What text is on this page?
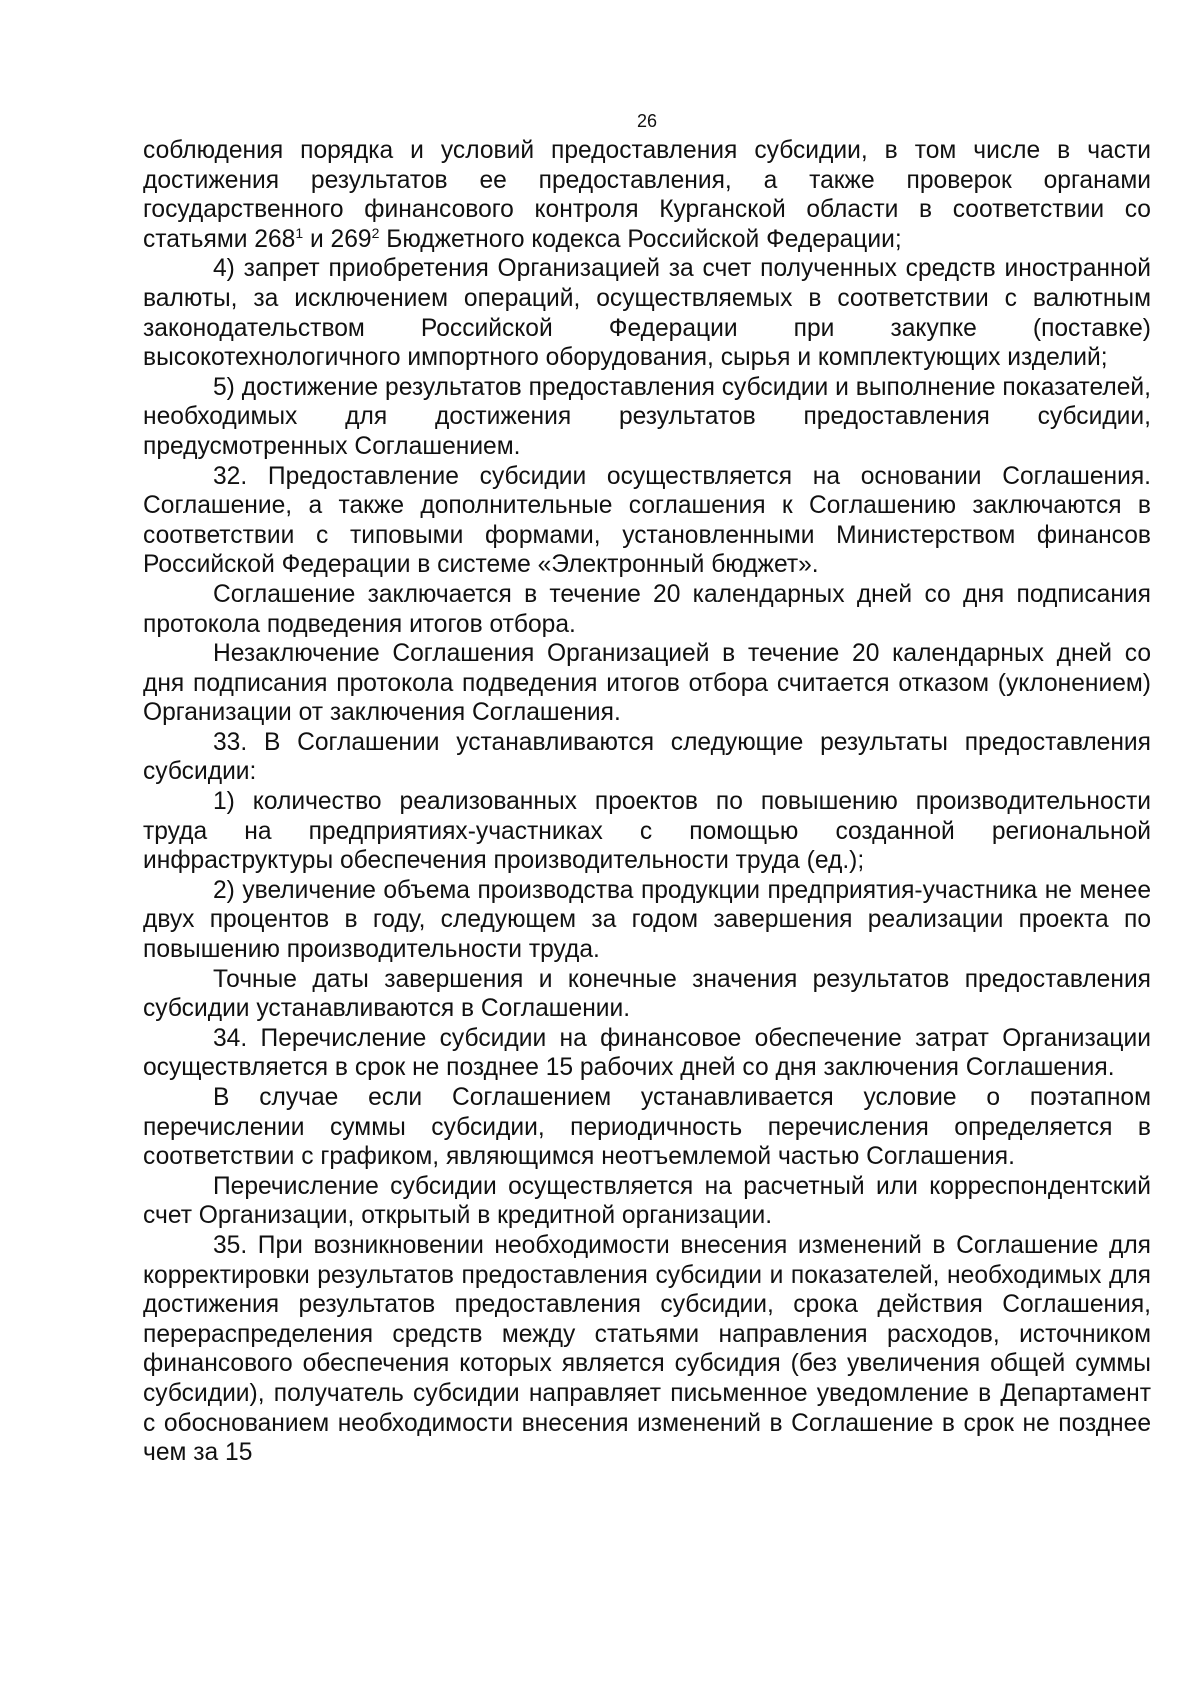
26

соблюдения порядка и условий предоставления субсидии, в том числе в части достижения результатов ее предоставления, а также проверок органами государственного финансового контроля Курганской области в соответствии со статьями $268^1$ и $269^2$ Бюджетного кодекса Российской Федерации;

4) запрет приобретения Организацией за счет полученных средств иностранной валюты, за исключением операций, осуществляемых в соответствии с валютным законодательством Российской Федерации при закупке (поставке) высокотехнологичного импортного оборудования, сырья и комплектующих изделий;

5) достижение результатов предоставления субсидии и выполнение показателей, необходимых для достижения результатов предоставления субсидии, предусмотренных Соглашением.

32. Предоставление субсидии осуществляется на основании Соглашения. Соглашение, а также дополнительные соглашения к Соглашению заключаются в соответствии с типовыми формами, установленными Министерством финансов Российской Федерации в системе «Электронный бюджет».

Соглашение заключается в течение 20 календарных дней со дня подписания протокола подведения итогов отбора.

Незаключение Соглашения Организацией в течение 20 календарных дней со дня подписания протокола подведения итогов отбора считается отказом (уклонением) Организации от заключения Соглашения.

33. В Соглашении устанавливаются следующие результаты предоставления субсидии:

1) количество реализованных проектов по повышению производительности труда на предприятиях-участниках с помощью созданной региональной инфраструктуры обеспечения производительности труда (ед.);

2) увеличение объема производства продукции предприятия-участника не менее двух процентов в году, следующем за годом завершения реализации проекта по повышению производительности труда.

Точные даты завершения и конечные значения результатов предоставления субсидии устанавливаются в Соглашении.

34. Перечисление субсидии на финансовое обеспечение затрат Организации осуществляется в срок не позднее 15 рабочих дней со дня заключения Соглашения.

В случае если Соглашением устанавливается условие о поэтапном перечислении суммы субсидии, периодичность перечисления определяется в соответствии с графиком, являющимся неотъемлемой частью Соглашения.

Перечисление субсидии осуществляется на расчетный или корреспондентский счет Организации, открытый в кредитной организации.

35. При возникновении необходимости внесения изменений в Соглашение для корректировки результатов предоставления субсидии и показателей, необходимых для достижения результатов предоставления субсидии, срока действия Соглашения, перераспределения средств между статьями направления расходов, источником финансового обеспечения которых является субсидия (без увеличения общей суммы субсидии), получатель субсидии направляет письменное уведомление в Департамент с обоснованием необходимости внесения изменений в Соглашение в срок не позднее чем за 15
